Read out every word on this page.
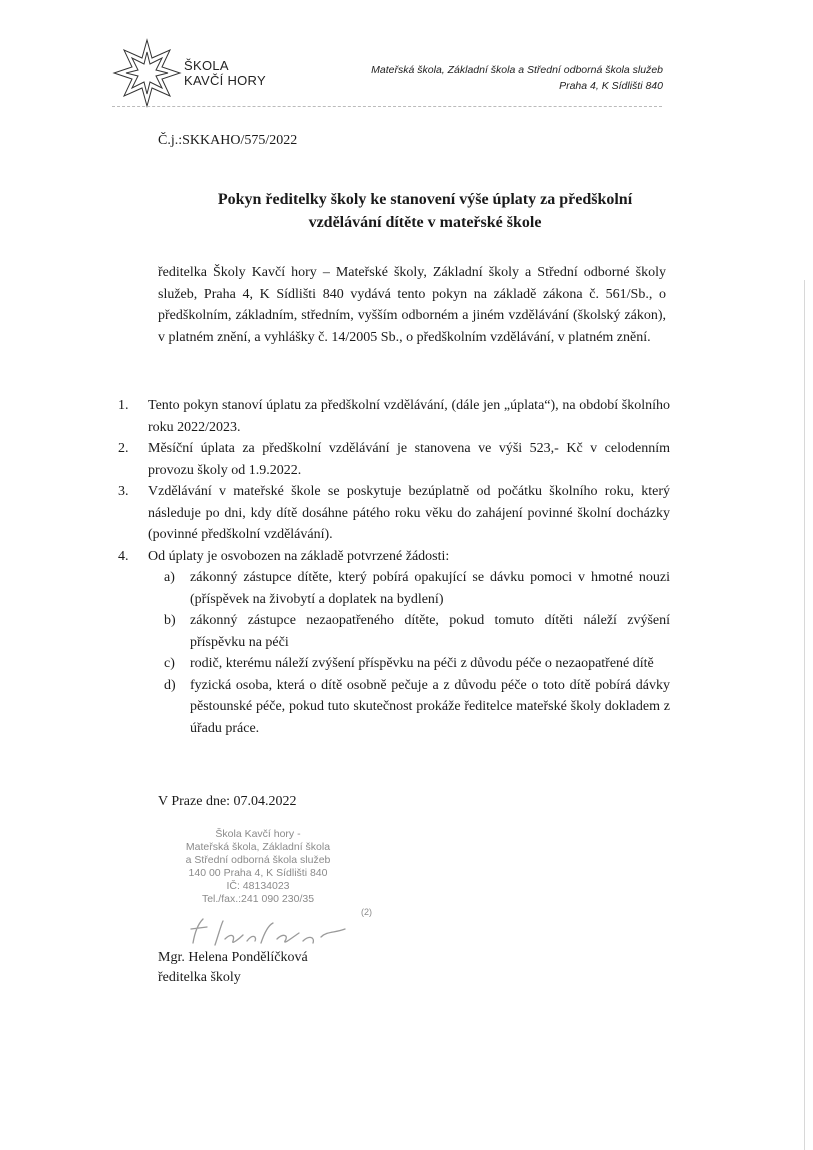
ŠKOLA
KAVČÍ HORY
Mateřská škola, Základní škola a Střední odborná škola služeb
Praha 4, K Sídlišti 840
Č.j.:SKKAHO/575/2022
Pokyn ředitelky školy ke stanovení výše úplaty za předškolní
vzdělávání dítěte v mateřské škole
ředitelka Školy Kavčí hory – Mateřské školy, Základní školy a Střední odborné školy služeb, Praha 4, K Sídlišti 840 vydává tento pokyn na základě zákona č. 561/Sb., o předškolním, základním, středním, vyšším odborném a jiném vzdělávání (školský zákon), v platném znění, a vyhlášky č. 14/2005 Sb., o předškolním vzdělávání, v platném znění.
1.	Tento pokyn stanoví úplatu za předškolní vzdělávání, (dále jen „úplata“), na období školního roku 2022/2023.
2.	Měsíční úplata za předškolní vzdělávání je stanovena ve výši 523,- Kč v celodenním provozu školy od 1.9.2022.
3.	Vzdělávání v mateřské škole se poskytuje bezúplatně od počátku školního roku, který následuje po dni, kdy dítě dosáhne pátého roku věku do zahájení povinné školní docházky (povinné předškolní vzdělávání).
4.	Od úplaty je osvobozen na základě potvrzené žádosti:
a) zákonný zástupce dítěte, který pobírá opakující se dávku pomoci v hmotné nouzi (příspěvek na živobytí a doplatek na bydlení)
b) zákonný zástupce nezaopatřeného dítěte, pokud tomuto dítěti náleží zvýšení příspěvku na péči
c) rodič, kterému náleží zvýšení příspěvku na péči z důvodu péče o nezaopatřené dítě
d) fyzická osoba, která o dítě osobně pečuje a z důvodu péče o toto dítě pobírá dávky pěstounské péče, pokud tuto skutečnost prokáže ředitelce mateřské školy dokladem z úřadu práce.
V Praze dne: 07.04.2022
Škola Kavčí hory -
Mateřská škola, Základní škola
a Střední odborná škola služeb
140 00 Praha 4, K Sídlišti 840
IČ: 48134023
Tel./fax.:241 090 230/35
(2)
Mgr. Helena Pondělíčková
ředitelka školy
